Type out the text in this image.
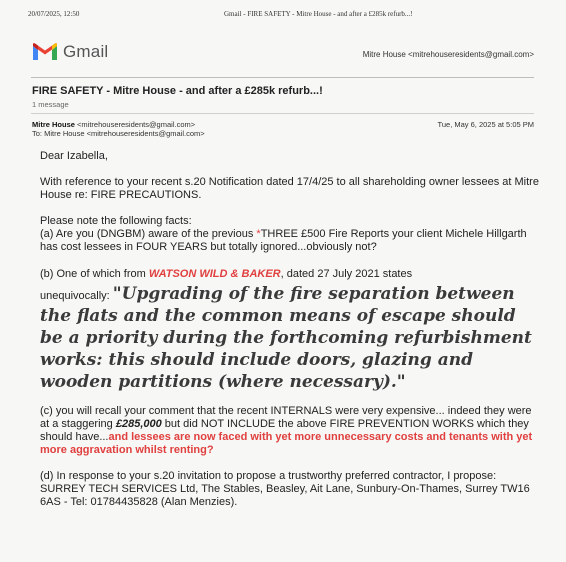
20/07/2025, 12:50	Gmail - FIRE SAFETY - Mitre House - and after a £285k refurb...!
Gmail	Mitre House <mitrehouseresidents@gmail.com>
FIRE SAFETY - Mitre House - and after a £285k refurb...!
1 message
Mitre House <mitrehouseresidents@gmail.com>
To: Mitre House <mitrehouseresidents@gmail.com>
Tue, May 6, 2025 at 5:05 PM

Dear Izabella,

With reference to your recent s.20 Notification dated 17/4/25 to all shareholding owner lessees at Mitre House re: FIRE PRECAUTIONS.

Please note the following facts:

(a) Are you (DNGBM) aware of the previous *THREE £500 Fire Reports your client Michele Hillgarth has cost lessees in FOUR YEARS but totally ignored...obviously not?

(b) One of which from WATSON WILD & BAKER, dated 27 July 2021 states

unequivocally: "Upgrading of the fire separation between the flats and the common means of escape should be a priority during the forthcoming refurbishment works: this should include doors, glazing and wooden partitions (where necessary)."

(c) you will recall your comment that the recent INTERNALS were very expensive... indeed they were at a staggering £285,000 but did NOT INCLUDE the above FIRE PREVENTION WORKS which they should have...and lessees are now faced with yet more unnecessary costs and tenants with yet more aggravation whilst renting?

(d) In response to your s.20 invitation to propose a trustworthy preferred contractor, I propose: SURREY TECH SERVICES Ltd, The Stables, Beasley, Ait Lane, Sunbury-On-Thames, Surrey TW16 6AS - Tel: 01784435828 (Alan Menzies).
